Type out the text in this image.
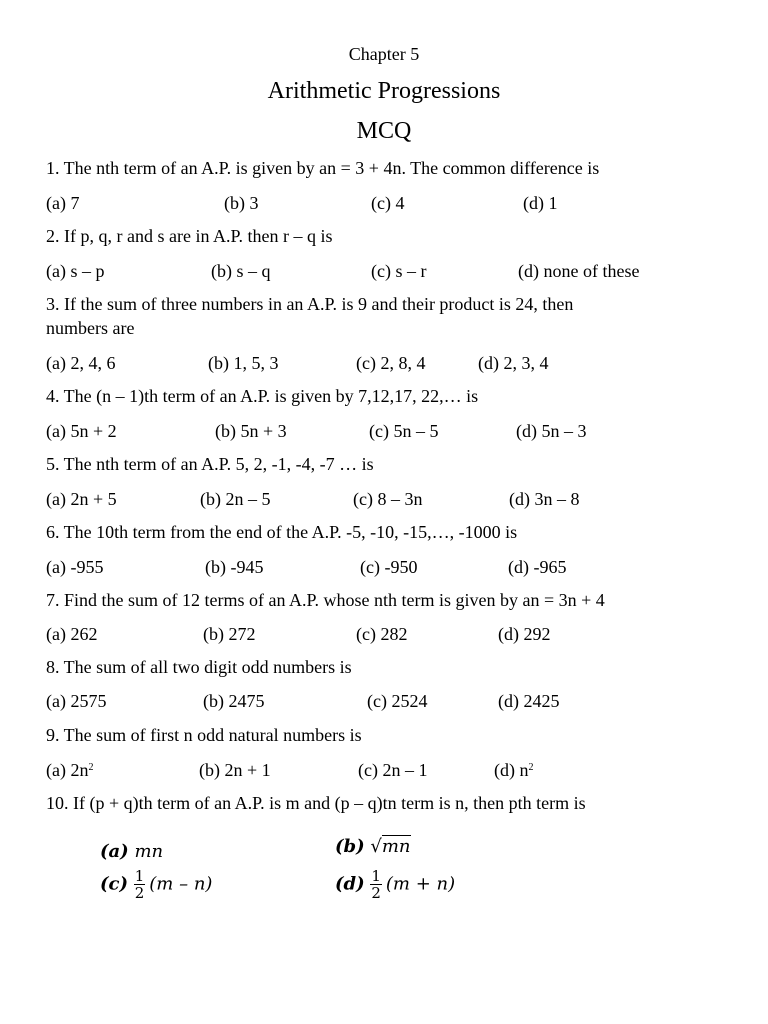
Chapter 5
Arithmetic Progressions
MCQ
1. The nth term of an A.P. is given by an = 3 + 4n. The common difference is
(a) 7	(b) 3	(c) 4	(d) 1
2. If p, q, r and s are in A.P. then r – q is
(a) s – p	(b) s – q	(c) s – r	(d) none of these
3. If the sum of three numbers in an A.P. is 9 and their product is 24, then
numbers are
(a) 2, 4, 6	(b) 1, 5, 3	(c) 2, 8, 4	(d) 2, 3, 4
4. The (n – 1)th term of an A.P. is given by 7,12,17, 22,… is
(a) 5n + 2	(b) 5n + 3	(c) 5n – 5	(d) 5n – 3
5. The nth term of an A.P. 5, 2, -1, -4, -7 … is
(a) 2n + 5	(b) 2n – 5	(c) 8 – 3n	(d) 3n – 8
6. The 10th term from the end of the A.P. -5, -10, -15,…, -1000 is
(a) -955	(b) -945	(c) -950	(d) -965
7. Find the sum of 12 terms of an A.P. whose nth term is given by an = 3n + 4
(a) 262	(b) 272	(c) 282	(d) 292
8. The sum of all two digit odd numbers is
(a) 2575	(b) 2475	(c) 2524	(d) 2425
9. The sum of first n odd natural numbers is
(a) $2n^2$	(b) 2n + 1	(c) 2n – 1	(d) $n^2$
10. If (p + q)th term of an A.P. is m and (p – q)tn term is n, then pth term is
(a) mn	(b) √mn
$(c) \frac{1}{2} (m - n)$	$(d) \frac{1}{2} (m + n)$
